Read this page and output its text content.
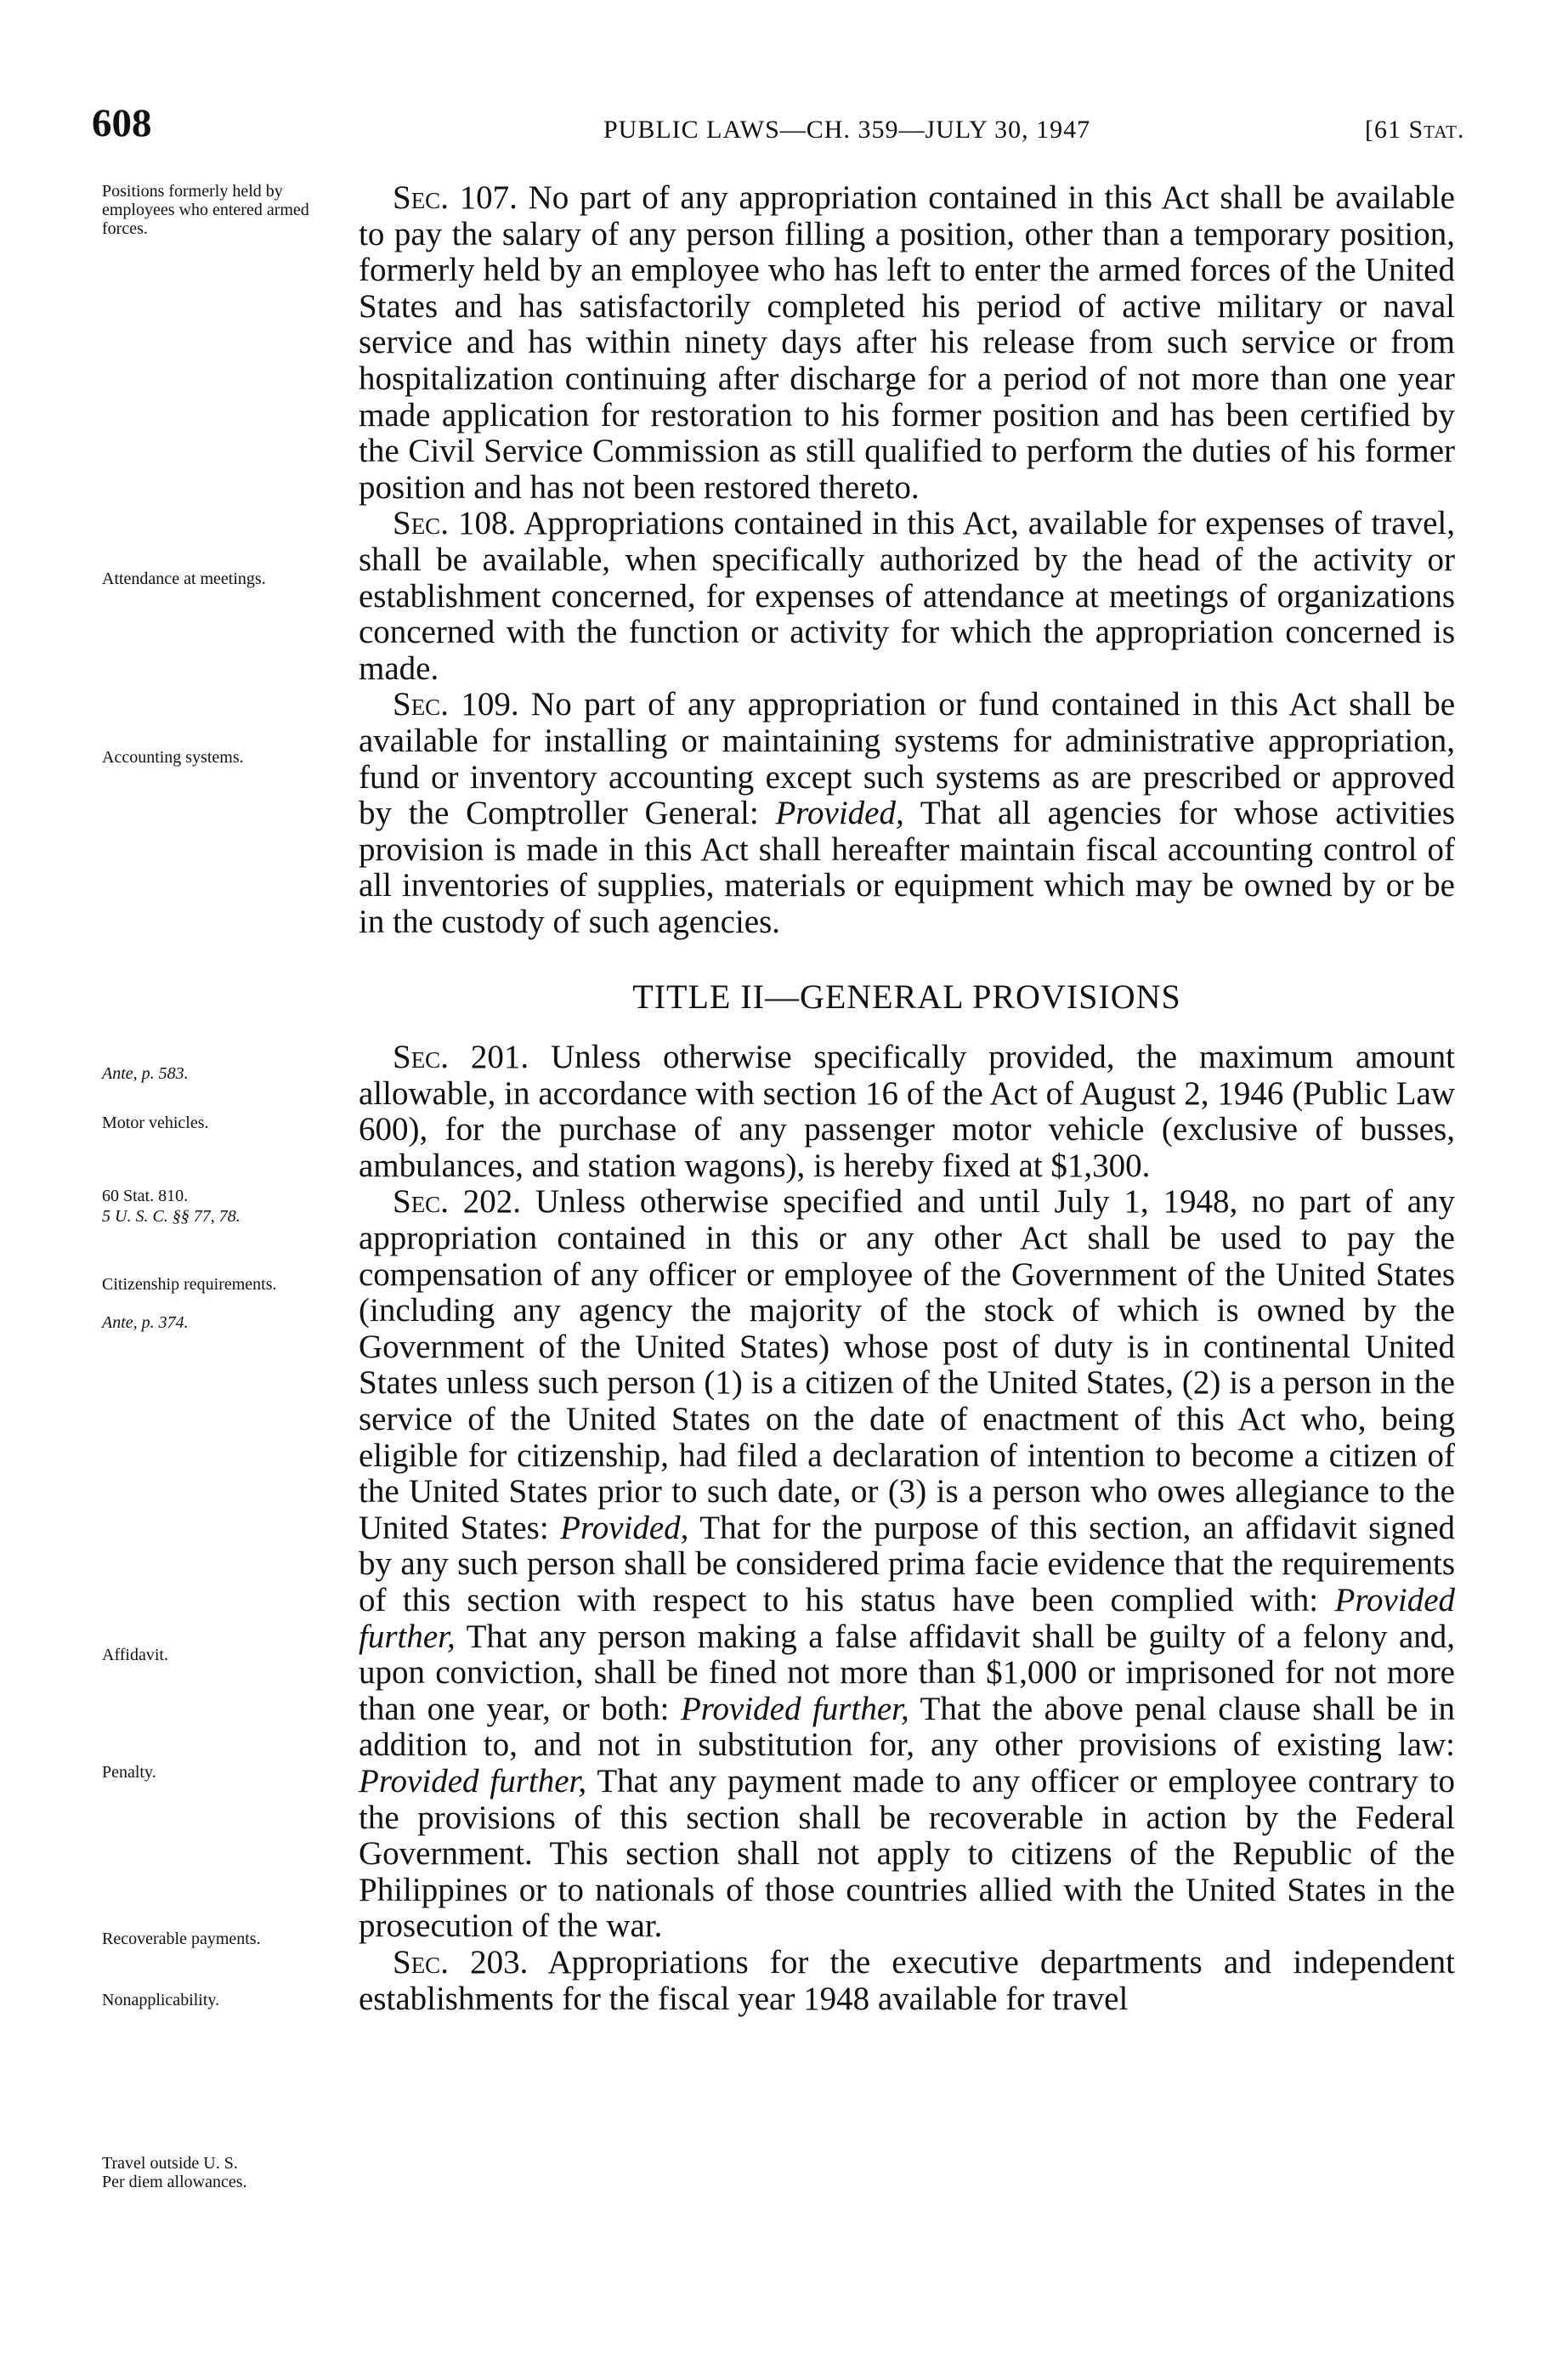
608	PUBLIC LAWS—CH. 359—JULY 30, 1947	[61 Stat.
Positions formerly held by employees who entered armed forces.
Attendance at meetings.
Accounting systems.
Ante, p. 583.
Motor vehicles.
60 Stat. 810.
5 U. S. C. §§ 77, 78.
Citizenship requirements.
Ante, p. 374.
Affidavit.
Penalty.
Recoverable payments.
Nonapplicability.
Travel outside U. S.
Per diem allowances.

Sec. 107. No part of any appropriation contained in this Act shall be available to pay the salary of any person filling a position, other than a temporary position, formerly held by an employee who has left to enter the armed forces of the United States and has satisfactorily completed his period of active military or naval service and has within ninety days after his release from such service or from hospitalization continuing after discharge for a period of not more than one year made application for restoration to his former position and has been certified by the Civil Service Commission as still qualified to perform the duties of his former position and has not been restored thereto.

Sec. 108. Appropriations contained in this Act, available for expenses of travel, shall be available, when specifically authorized by the head of the activity or establishment concerned, for expenses of attendance at meetings of organizations concerned with the function or activity for which the appropriation concerned is made.

Sec. 109. No part of any appropriation or fund contained in this Act shall be available for installing or maintaining systems for administrative appropriation, fund or inventory accounting except such systems as are prescribed or approved by the Comptroller General: Provided, That all agencies for whose activities provision is made in this Act shall hereafter maintain fiscal accounting control of all inventories of supplies, materials or equipment which may be owned by or be in the custody of such agencies.

TITLE II—GENERAL PROVISIONS

Sec. 201. Unless otherwise specifically provided, the maximum amount allowable, in accordance with section 16 of the Act of August 2, 1946 (Public Law 600), for the purchase of any passenger motor vehicle (exclusive of busses, ambulances, and station wagons), is hereby fixed at $1,300.

Sec. 202. Unless otherwise specified and until July 1, 1948, no part of any appropriation contained in this or any other Act shall be used to pay the compensation of any officer or employee of the Government of the United States (including any agency the majority of the stock of which is owned by the Government of the United States) whose post of duty is in continental United States unless such person (1) is a citizen of the United States, (2) is a person in the service of the United States on the date of enactment of this Act who, being eligible for citizenship, had filed a declaration of intention to become a citizen of the United States prior to such date, or (3) is a person who owes allegiance to the United States: Provided, That for the purpose of this section, an affidavit signed by any such person shall be considered prima facie evidence that the requirements of this section with respect to his status have been complied with: Provided further, That any person making a false affidavit shall be guilty of a felony and, upon conviction, shall be fined not more than $1,000 or imprisoned for not more than one year, or both: Provided further, That the above penal clause shall be in addition to, and not in substitution for, any other provisions of existing law: Provided further, That any payment made to any officer or employee contrary to the provisions of this section shall be recoverable in action by the Federal Government. This section shall not apply to citizens of the Republic of the Philippines or to nationals of those countries allied with the United States in the prosecution of the war.

Sec. 203. Appropriations for the executive departments and independent establishments for the fiscal year 1948 available for travel
